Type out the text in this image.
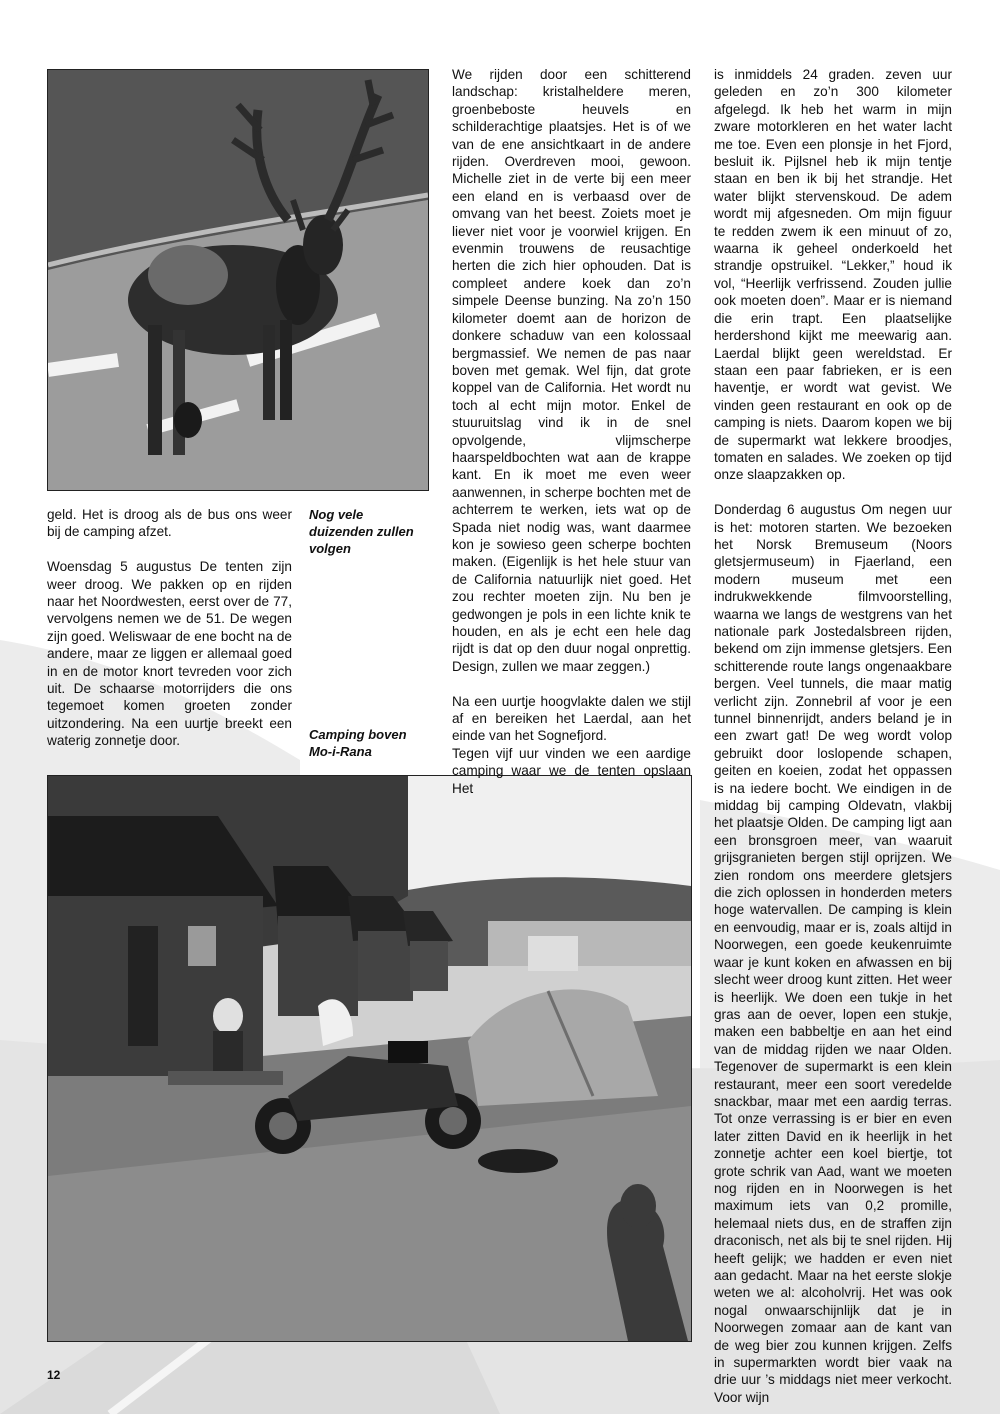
Nog vele duizenden zullen volgen
Camping boven Mo-i-Rana

geld. Het is droog als de bus ons weer bij de camping afzet.

Woensdag 5 augustus De tenten zijn weer droog. We pakken op en rijden naar het Noordwesten, eerst over de 77, vervolgens nemen we de 51. De wegen zijn goed. Weliswaar de ene bocht na de andere, maar ze liggen er allemaal goed in en de motor knort tevreden voor zich uit. De schaarse motorrijders die ons tegemoet komen groeten zonder uitzondering. Na een uurtje breekt een waterig zonnetje door.

We rijden door een schitterend landschap: kristalheldere meren, groenbeboste heuvels en schilderachtige plaatsjes. Het is of we van de ene ansichtkaart in de andere rijden. Overdreven mooi, gewoon. Michelle ziet in de verte bij een meer een eland en is verbaasd over de omvang van het beest. Zoiets moet je liever niet voor je voorwiel krijgen. En evenmin trouwens de reusachtige herten die zich hier ophouden. Dat is compleet andere koek dan zo’n simpele Deense bunzing. Na zo’n 150 kilometer doemt aan de horizon de donkere schaduw van een kolossaal bergmassief. We nemen de pas naar boven met gemak. Wel fijn, dat grote koppel van de California. Het wordt nu toch al echt mijn motor. Enkel de stuuruitslag vind ik in de snel opvolgende, vlijmscherpe haarspeldbochten wat aan de krappe kant. En ik moet me even weer aanwennen, in scherpe bochten met de achterrem te werken, iets wat op de Spada niet nodig was, want daarmee kon je sowieso geen scherpe bochten maken. (Eigenlijk is het hele stuur van de California natuurlijk niet goed. Het zou rechter moeten zijn. Nu ben je gedwongen je pols in een lichte knik te houden, en als je echt een hele dag rijdt is dat op den duur nogal onprettig. Design, zullen we maar zeggen.)

Na een uurtje hoogvlakte dalen we stijl af en bereiken het Laerdal, aan het einde van het Sognefjord.

Tegen vijf uur vinden we een aardige camping waar we de tenten opslaan Het

is inmiddels 24 graden. zeven uur geleden en zo’n 300 kilometer afgelegd. Ik heb het warm in mijn zware motorkleren en het water lacht me toe. Even een plonsje in het Fjord, besluit ik. Pijlsnel heb ik mijn tentje staan en ben ik bij het strandje. Het water blijkt stervenskoud. De adem wordt mij afgesneden. Om mijn figuur te redden zwem ik een minuut of zo, waarna ik geheel onderkoeld het strandje opstruikel. “Lekker,” houd ik vol, “Heerlijk verfrissend. Zouden jullie ook moeten doen”. Maar er is niemand die erin trapt. Een plaatselijke herdershond kijkt me meewarig aan. Laerdal blijkt geen wereldstad. Er staan een paar fabrieken, er is een haventje, er wordt wat gevist. We vinden geen restaurant en ook op de camping is niets. Daarom kopen we bij de supermarkt wat lekkere broodjes, tomaten en salades. We zoeken op tijd onze slaapzakken op.

Donderdag 6 augustus Om negen uur is het: motoren starten. We bezoeken het Norsk Bremuseum (Noors gletsjermuseum) in Fjaerland, een modern museum met een indrukwekkende filmvoorstelling, waarna we langs de westgrens van het nationale park Jostedalsbreen rijden, bekend om zijn immense gletsjers. Een schitterende route langs ongenaakbare bergen. Veel tunnels, die maar matig verlicht zijn. Zonnebril af voor je een tunnel binnenrijdt, anders beland je in een zwart gat! De weg wordt volop gebruikt door loslopende schapen, geiten en koeien, zodat het oppassen is na iedere bocht. We eindigen in de middag bij camping Oldevatn, vlakbij het plaatsje Olden. De camping ligt aan een bronsgroen meer, van waaruit grijsgranieten bergen stijl oprijzen. We zien rondom ons meerdere gletsjers die zich oplossen in honderden meters hoge watervallen. De camping is klein en eenvoudig, maar er is, zoals altijd in Noorwegen, een goede keukenruimte waar je kunt koken en afwassen en bij slecht weer droog kunt zitten. Het weer is heerlijk. We doen een tukje in het gras aan de oever, lopen een stukje, maken een babbeltje en aan het eind van de middag rijden we naar Olden. Tegenover de supermarkt is een klein restaurant, meer een soort veredelde snackbar, maar met een aardig terras. Tot onze verrassing is er bier en even later zitten David en ik heerlijk in het zonnetje achter een koel biertje, tot grote schrik van Aad, want we moeten nog rijden en in Noorwegen is het maximum iets van 0,2 promille, helemaal niets dus, en de straffen zijn draconisch, net als bij te snel rijden. Hij heeft gelijk; we hadden er even niet aan gedacht. Maar na het eerste slokje weten we al: alcoholvrij. Het was ook nogal onwaarschijnlijk dat je in Noorwegen zomaar aan de kant van de weg bier zou kunnen krijgen. Zelfs in supermarkten wordt bier vaak na drie uur ’s middags niet meer verkocht. Voor wijn

12
